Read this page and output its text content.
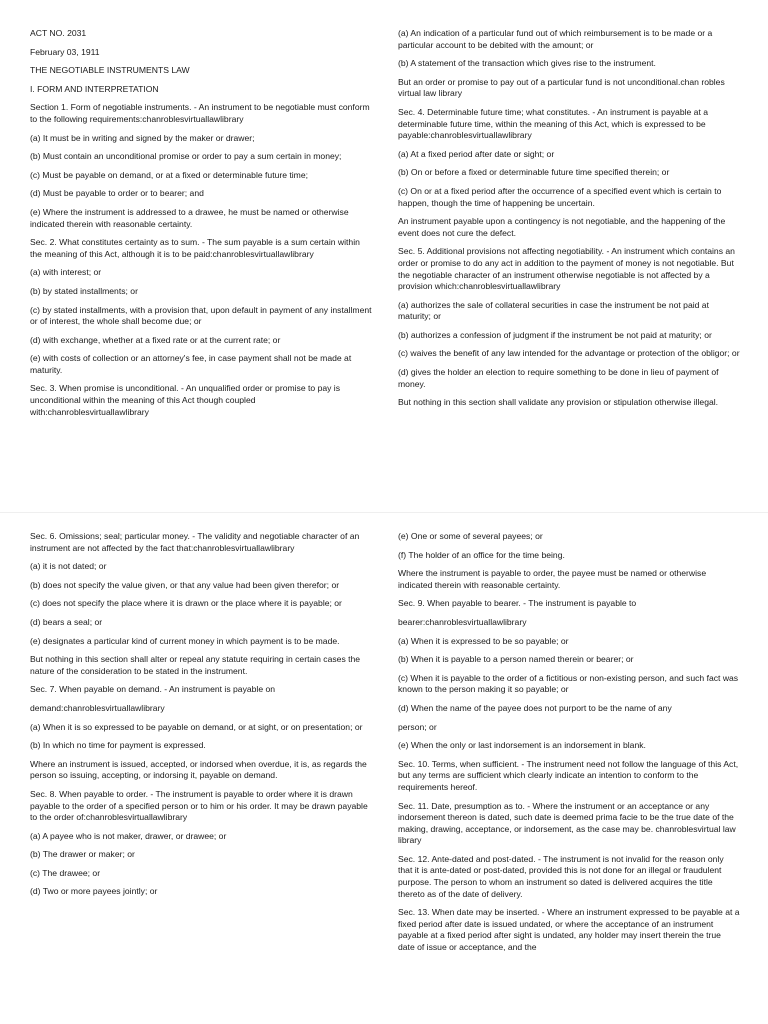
ACT NO. 2031

February 03, 1911

THE NEGOTIABLE INSTRUMENTS LAW

I. FORM AND INTERPRETATION

Section 1. Form of negotiable instruments. - An instrument to be negotiable must conform to the following requirements:chanroblesvirtuallawlibrary

(a) It must be in writing and signed by the maker or drawer;

(b) Must contain an unconditional promise or order to pay a sum certain in money;

(c) Must be payable on demand, or at a fixed or determinable future time;

(d) Must be payable to order or to bearer; and

(e) Where the instrument is addressed to a drawee, he must be named or otherwise indicated therein with reasonable certainty.

Sec. 2. What constitutes certainty as to sum. - The sum payable is a sum certain within the meaning of this Act, although it is to be paid:chanroblesvirtuallawlibrary

(a) with interest; or

(b) by stated installments; or

(c) by stated installments, with a provision that, upon default in payment of any installment or of interest, the whole shall become due; or

(d) with exchange, whether at a fixed rate or at the current rate; or

(e) with costs of collection or an attorney's fee, in case payment shall not be made at maturity.

Sec. 3. When promise is unconditional. - An unqualified order or promise to pay is unconditional within the meaning of this Act though coupled with:chanroblesvirtuallawlibrary

(a) An indication of a particular fund out of which reimbursement is to be made or a particular account to be debited with the amount; or

(b) A statement of the transaction which gives rise to the instrument.

But an order or promise to pay out of a particular fund is not unconditional.chan robles virtual law library

Sec. 4. Determinable future time; what constitutes. - An instrument is payable at a determinable future time, within the meaning of this Act, which is expressed to be payable:chanroblesvirtuallawlibrary

(a) At a fixed period after date or sight; or

(b) On or before a fixed or determinable future time specified therein; or

(c) On or at a fixed period after the occurrence of a specified event which is certain to happen, though the time of happening be uncertain.

An instrument payable upon a contingency is not negotiable, and the happening of the event does not cure the defect.

Sec. 5. Additional provisions not affecting negotiability. - An instrument which contains an order or promise to do any act in addition to the payment of money is not negotiable. But the negotiable character of an instrument otherwise negotiable is not affected by a provision which:chanroblesvirtuallawlibrary

(a) authorizes the sale of collateral securities in case the instrument be not paid at maturity; or

(b) authorizes a confession of judgment if the instrument be not paid at maturity; or

(c) waives the benefit of any law intended for the advantage or protection of the obligor; or

(d) gives the holder an election to require something to be done in lieu of payment of money.

But nothing in this section shall validate any provision or stipulation otherwise illegal.

Sec. 6. Omissions; seal; particular money. - The validity and negotiable character of an instrument are not affected by the fact that:chanroblesvirtuallawlibrary

(a) it is not dated; or

(b) does not specify the value given, or that any value had been given therefor; or

(c) does not specify the place where it is drawn or the place where it is payable; or

(d) bears a seal; or

(e) designates a particular kind of current money in which payment is to be made.

But nothing in this section shall alter or repeal any statute requiring in certain cases the nature of the consideration to be stated in the instrument.

Sec. 7. When payable on demand. - An instrument is payable on

demand:chanroblesvirtuallawlibrary

(a) When it is so expressed to be payable on demand, or at sight, or on presentation; or

(b) In which no time for payment is expressed.

Where an instrument is issued, accepted, or indorsed when overdue, it is, as regards the person so issuing, accepting, or indorsing it, payable on demand.

Sec. 8. When payable to order. - The instrument is payable to order where it is drawn payable to the order of a specified person or to him or his order. It may be drawn payable to the order of:chanroblesvirtuallawlibrary

(a) A payee who is not maker, drawer, or drawee; or

(b) The drawer or maker; or

(c) The drawee; or

(d) Two or more payees jointly; or

(e) One or some of several payees; or

(f) The holder of an office for the time being.

Where the instrument is payable to order, the payee must be named or otherwise indicated therein with reasonable certainty.

Sec. 9. When payable to bearer. - The instrument is payable to

bearer:chanroblesvirtuallawlibrary

(a) When it is expressed to be so payable; or

(b) When it is payable to a person named therein or bearer; or

(c) When it is payable to the order of a fictitious or non-existing person, and such fact was known to the person making it so payable; or

(d) When the name of the payee does not purport to be the name of any

person; or

(e) When the only or last indorsement is an indorsement in blank.

Sec. 10. Terms, when sufficient. - The instrument need not follow the language of this Act, but any terms are sufficient which clearly indicate an intention to conform to the requirements hereof.

Sec. 11. Date, presumption as to. - Where the instrument or an acceptance or any indorsement thereon is dated, such date is deemed prima facie to be the true date of the making, drawing, acceptance, or indorsement, as the case may be. chanroblesvirtual law library

Sec. 12. Ante-dated and post-dated. - The instrument is not invalid for the reason only that it is ante-dated or post-dated, provided this is not done for an illegal or fraudulent purpose. The person to whom an instrument so dated is delivered acquires the title thereto as of the date of delivery.

Sec. 13. When date may be inserted. - Where an instrument expressed to be payable at a fixed period after date is issued undated, or where the acceptance of an instrument payable at a fixed period after sight is undated, any holder may insert therein the true date of issue or acceptance, and the
